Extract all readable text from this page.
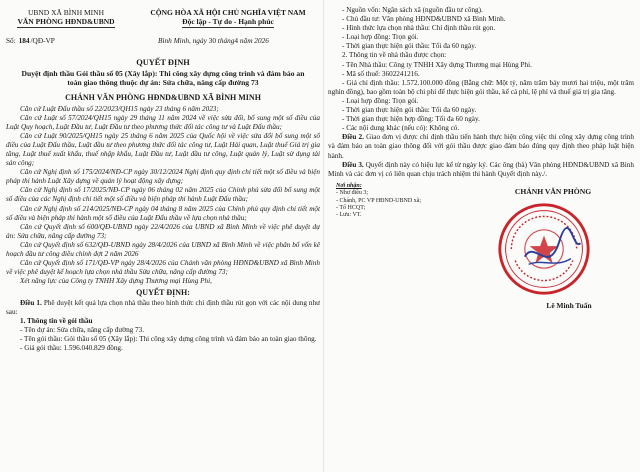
UBND XÃ BÌNH MINH
VĂN PHÒNG HĐND&UBND
CỘNG HÒA XÃ HỘI CHỦ NGHĨA VIỆT NAM
Độc lập - Tự do - Hạnh phúc
Số: 184/QĐ-VP	Bình Minh, ngày 30 tháng4 năm 2026
QUYẾT ĐỊNH
Duyệt định thầu Gói thầu số 05 (Xây lắp): Thi công xây dựng công trình và đảm bảo an toàn giao thông thuộc dự án: Sửa chữa, nâng cấp đường 73
CHÁNH VĂN PHÒNG HĐND&UBND XÃ BÌNH MINH

Căn cứ Luật Đấu thầu số 22/2023/QH15 ngày 23 tháng 6 năm 2023;

Căn cứ Luật số 57/2024/QH15 ngày 29 tháng 11 năm 2024 về việc sửa đổi, bổ sung một số điều của Luật Quy hoạch, Luật Đầu tư, Luật Đầu tư theo phương thức đối tác công tư và Luật Đấu thầu;

Căn cứ Luật 90/2025/QH15 ngày 25 tháng 6 năm 2025 của Quốc hội về việc sửa đổi bổ sung một số điều của Luật Đấu thầu, Luật đầu tư theo phương thức đối tác công tư, Luật Hải quan, Luật thuế Giá trị gia tăng, Luật thuế xuất khẩu, thuế nhập khẩu, Luật Đầu tư, Luật đầu tư công, Luật quản lý, Luật sử dụng tài sản công;

Căn cứ Nghị định số 175/2024/NĐ-CP ngày 30/12/2024 Nghị định quy định chi tiết một số điều và biện pháp thi hành Luật Xây dựng về quản lý hoạt động xây dựng;

Căn cứ Nghị định số 17/2025/NĐ-CP ngày 06 tháng 02 năm 2025 của Chính phủ sửa đổi bổ sung một số điều của các Nghị định chi tiết một số điều và biện pháp thi hành Luật Đấu thầu;

Căn cứ Nghị định số 214/2025/NĐ-CP ngày 04 tháng 8 năm 2025 của Chính phủ quy định chi tiết một số điều và biện pháp thi hành một số điều của Luật Đấu thầu về lựa chọn nhà thầu;

Căn cứ Quyết định số 600/QĐ-UBND ngày 22/4/2026 của UBND xã Bình Minh về việc phê duyệt dự án: Sửa chữa, nâng cấp đường 73;

Căn cứ Quyết định số 632/QĐ-UBND ngày 28/4/2026 của UBND xã Bình Minh về việc phân bổ vốn kế hoạch đầu tư công điều chỉnh đợt 2 năm 2026

Căn cứ Quyết định số 171/QĐ-VP ngày 28/4/2026 của Chánh văn phòng HĐND&UBND xã Bình Minh về việc phê duyệt kế hoạch lựa chọn nhà thầu Sửa chữa, nâng cấp đường 73;

Xét năng lực của Công ty TNHH Xây dựng Thương mại Hùng Phi,

QUYẾT ĐỊNH:

Điều 1. Phê duyệt kết quả lựa chọn nhà thầu theo hình thức chỉ định thầu rút gọn với các nội dung như sau:

1. Thông tin về gói thầu

- Tên dự án: Sửa chữa, nâng cấp đường 73.

- Tên gói thầu: Gói thầu số 05 (Xây lắp): Thi công xây dựng công trình và đảm bảo an toàn giao thông.

- Giá gói thầu: 1.596.040.829 đồng.

- Nguồn vốn: Ngân sách xã (nguồn đầu tư công).

- Chủ đầu tư: Văn phòng HĐND&UBND xã Bình Minh.

- Hình thức lựa chọn nhà thầu: Chỉ định thầu rút gọn.

- Loại hợp đồng: Trọn gói.

- Thời gian thực hiện gói thầu: Tối đa 60 ngày.

2. Thông tin về nhà thầu được chọn:

- Tên Nhà thầu: Công ty TNHH Xây dựng Thương mại Hùng Phi.

- Mã số thuế: 3602241216.

- Giá chỉ định thầu: 1.572.100.000 đồng (Bằng chữ: Một tỷ, năm trăm bảy mươi hai triệu, một trăm nghìn đồng), bao gồm toàn bộ chi phí để thực hiện gói thầu, kể cả phí, lệ phí và thuế giá trị gia tăng.

- Loại hợp đồng: Trọn gói.

- Thời gian thực hiện gói thầu: Tối đa 60 ngày.

- Thời gian thực hiện hợp đồng: Tối đa 60 ngày.

- Các nội dung khác (nếu có): Không có.

Điều 2. Giao đơn vị được chỉ định thầu tiến hành thực hiện công việc thi công xây dựng công trình và đảm bảo an toàn giao thông đối với gói thầu được giao đảm bảo đúng quy định theo pháp luật hiện hành.

Điều 3. Quyết định này có hiệu lực kể từ ngày ký. Các ông (bà) Văn phòng HĐND&UBND xã Bình Minh và các đơn vị có liên quan chịu trách nhiệm thi hành Quyết định này./.

Nơi nhận:
- Như điều 3;
- Chánh, PC VP HĐND-UBND xã;
- Tổ HCQT;
- Lưu: VT.
CHÁNH VĂN PHÒNG
Lê Minh Tuấn
